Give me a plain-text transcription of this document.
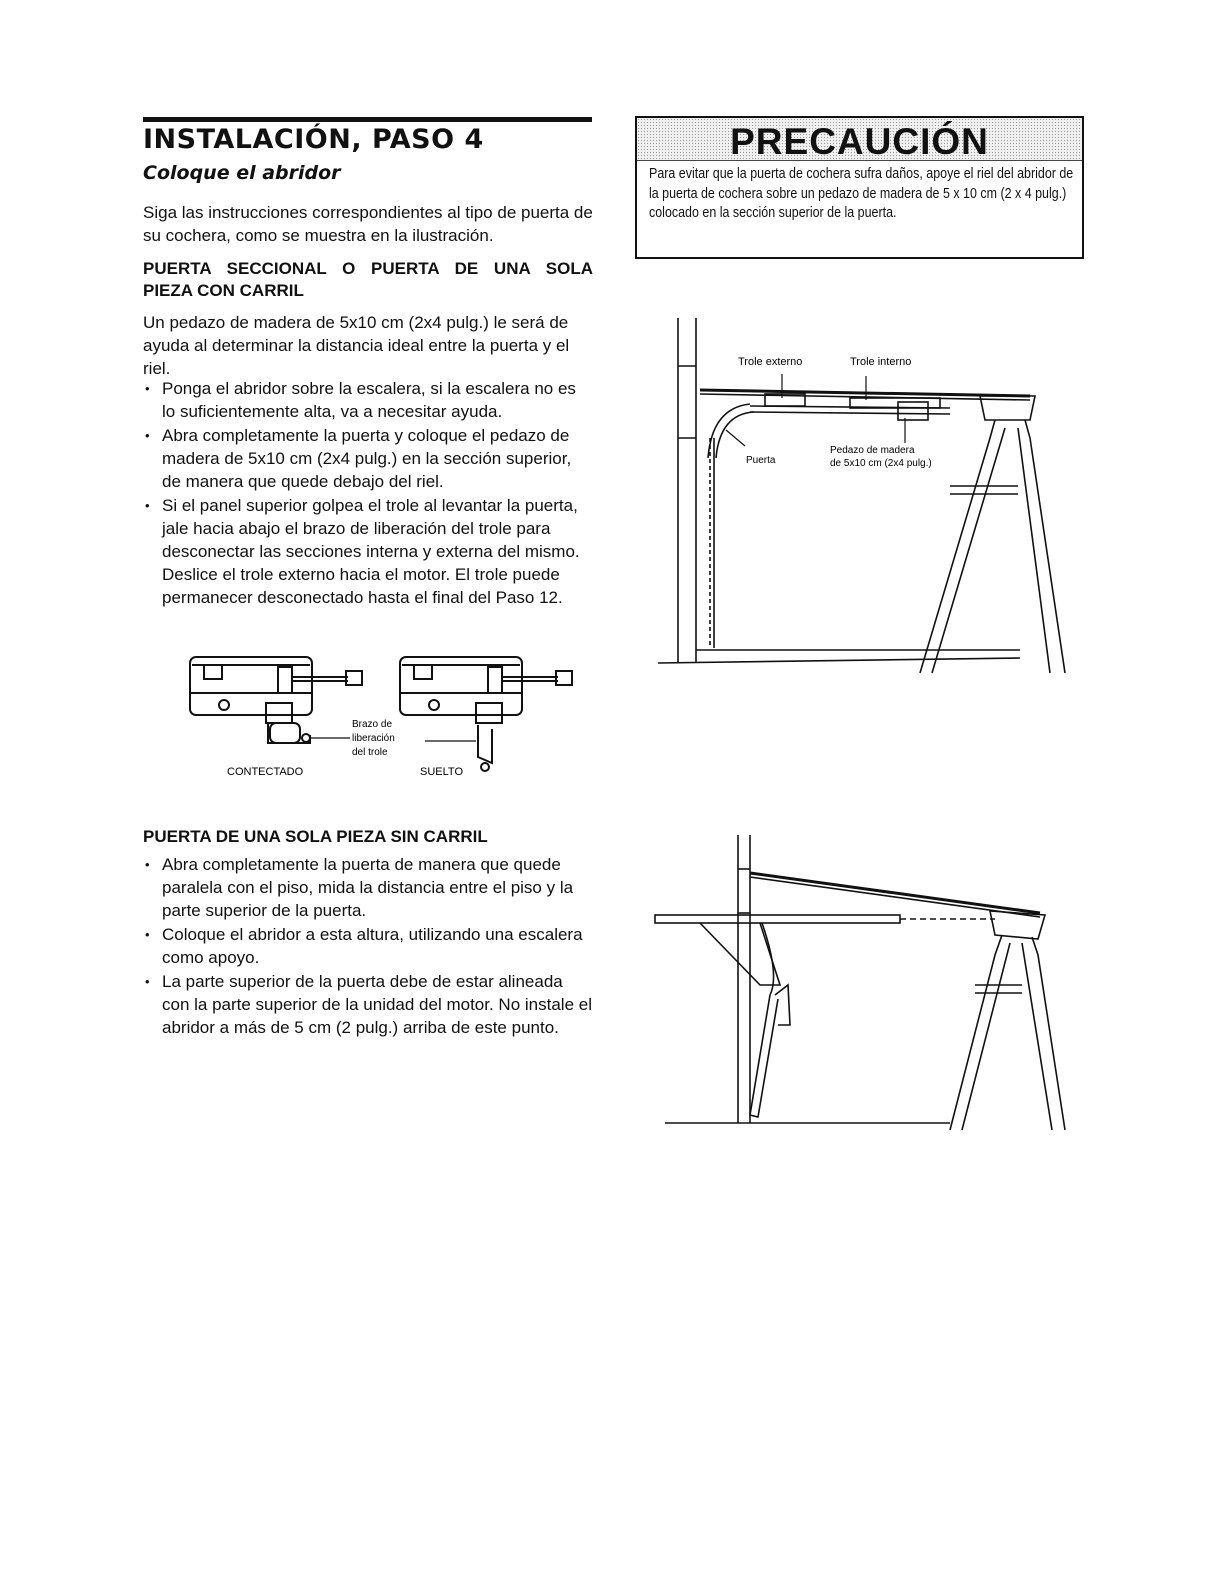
INSTALACIÓN, PASO 4
Coloque el abridor

Siga las instrucciones correspondientes al tipo de puerta de su cochera, como se muestra en la ilustración.

PUERTA SECCIONAL O PUERTA DE UNA SOLA
PIEZA CON CARRIL

Un pedazo de madera de 5x10 cm (2x4 pulg.) le será de ayuda al determinar la distancia ideal entre la puerta y el riel.

• Ponga el abridor sobre la escalera, si la escalera no es lo suficientemente alta, va a necesitar ayuda.
• Abra completamente la puerta y coloque el pedazo de madera de 5x10 cm (2x4 pulg.) en la sección superior, de manera que quede debajo del riel.
• Si el panel superior golpea el trole al levantar la puerta, jale hacia abajo el brazo de liberación del trole para desconectar las secciones interna y externa del mismo. Deslice el trole externo hacia el motor. El trole puede permanecer desconectado hasta el final del Paso 12.
Brazo de
liberación
del trole
CONTECTADO	SUELTO
PUERTA DE UNA SOLA PIEZA SIN CARRIL
• Abra completamente la puerta de manera que quede paralela con el piso, mida la distancia entre el piso y la parte superior de la puerta.
• Coloque el abridor a esta altura, utilizando una escalera como apoyo.
• La parte superior de la puerta debe de estar alineada con la parte superior de la unidad del motor. No instale el abridor a más de 5 cm (2 pulg.) arriba de este punto.
PRECAUCIÓN
Para evitar que la puerta de cochera sufra daños, apoye el riel del abridor de la puerta de cochera sobre un pedazo de madera de 5 x 10 cm (2 x 4 pulg.) colocado en la sección superior de la puerta.
Trole externo	Trole interno
Puerta
Pedazo de madera
de 5x10 cm (2x4 pulg.)
